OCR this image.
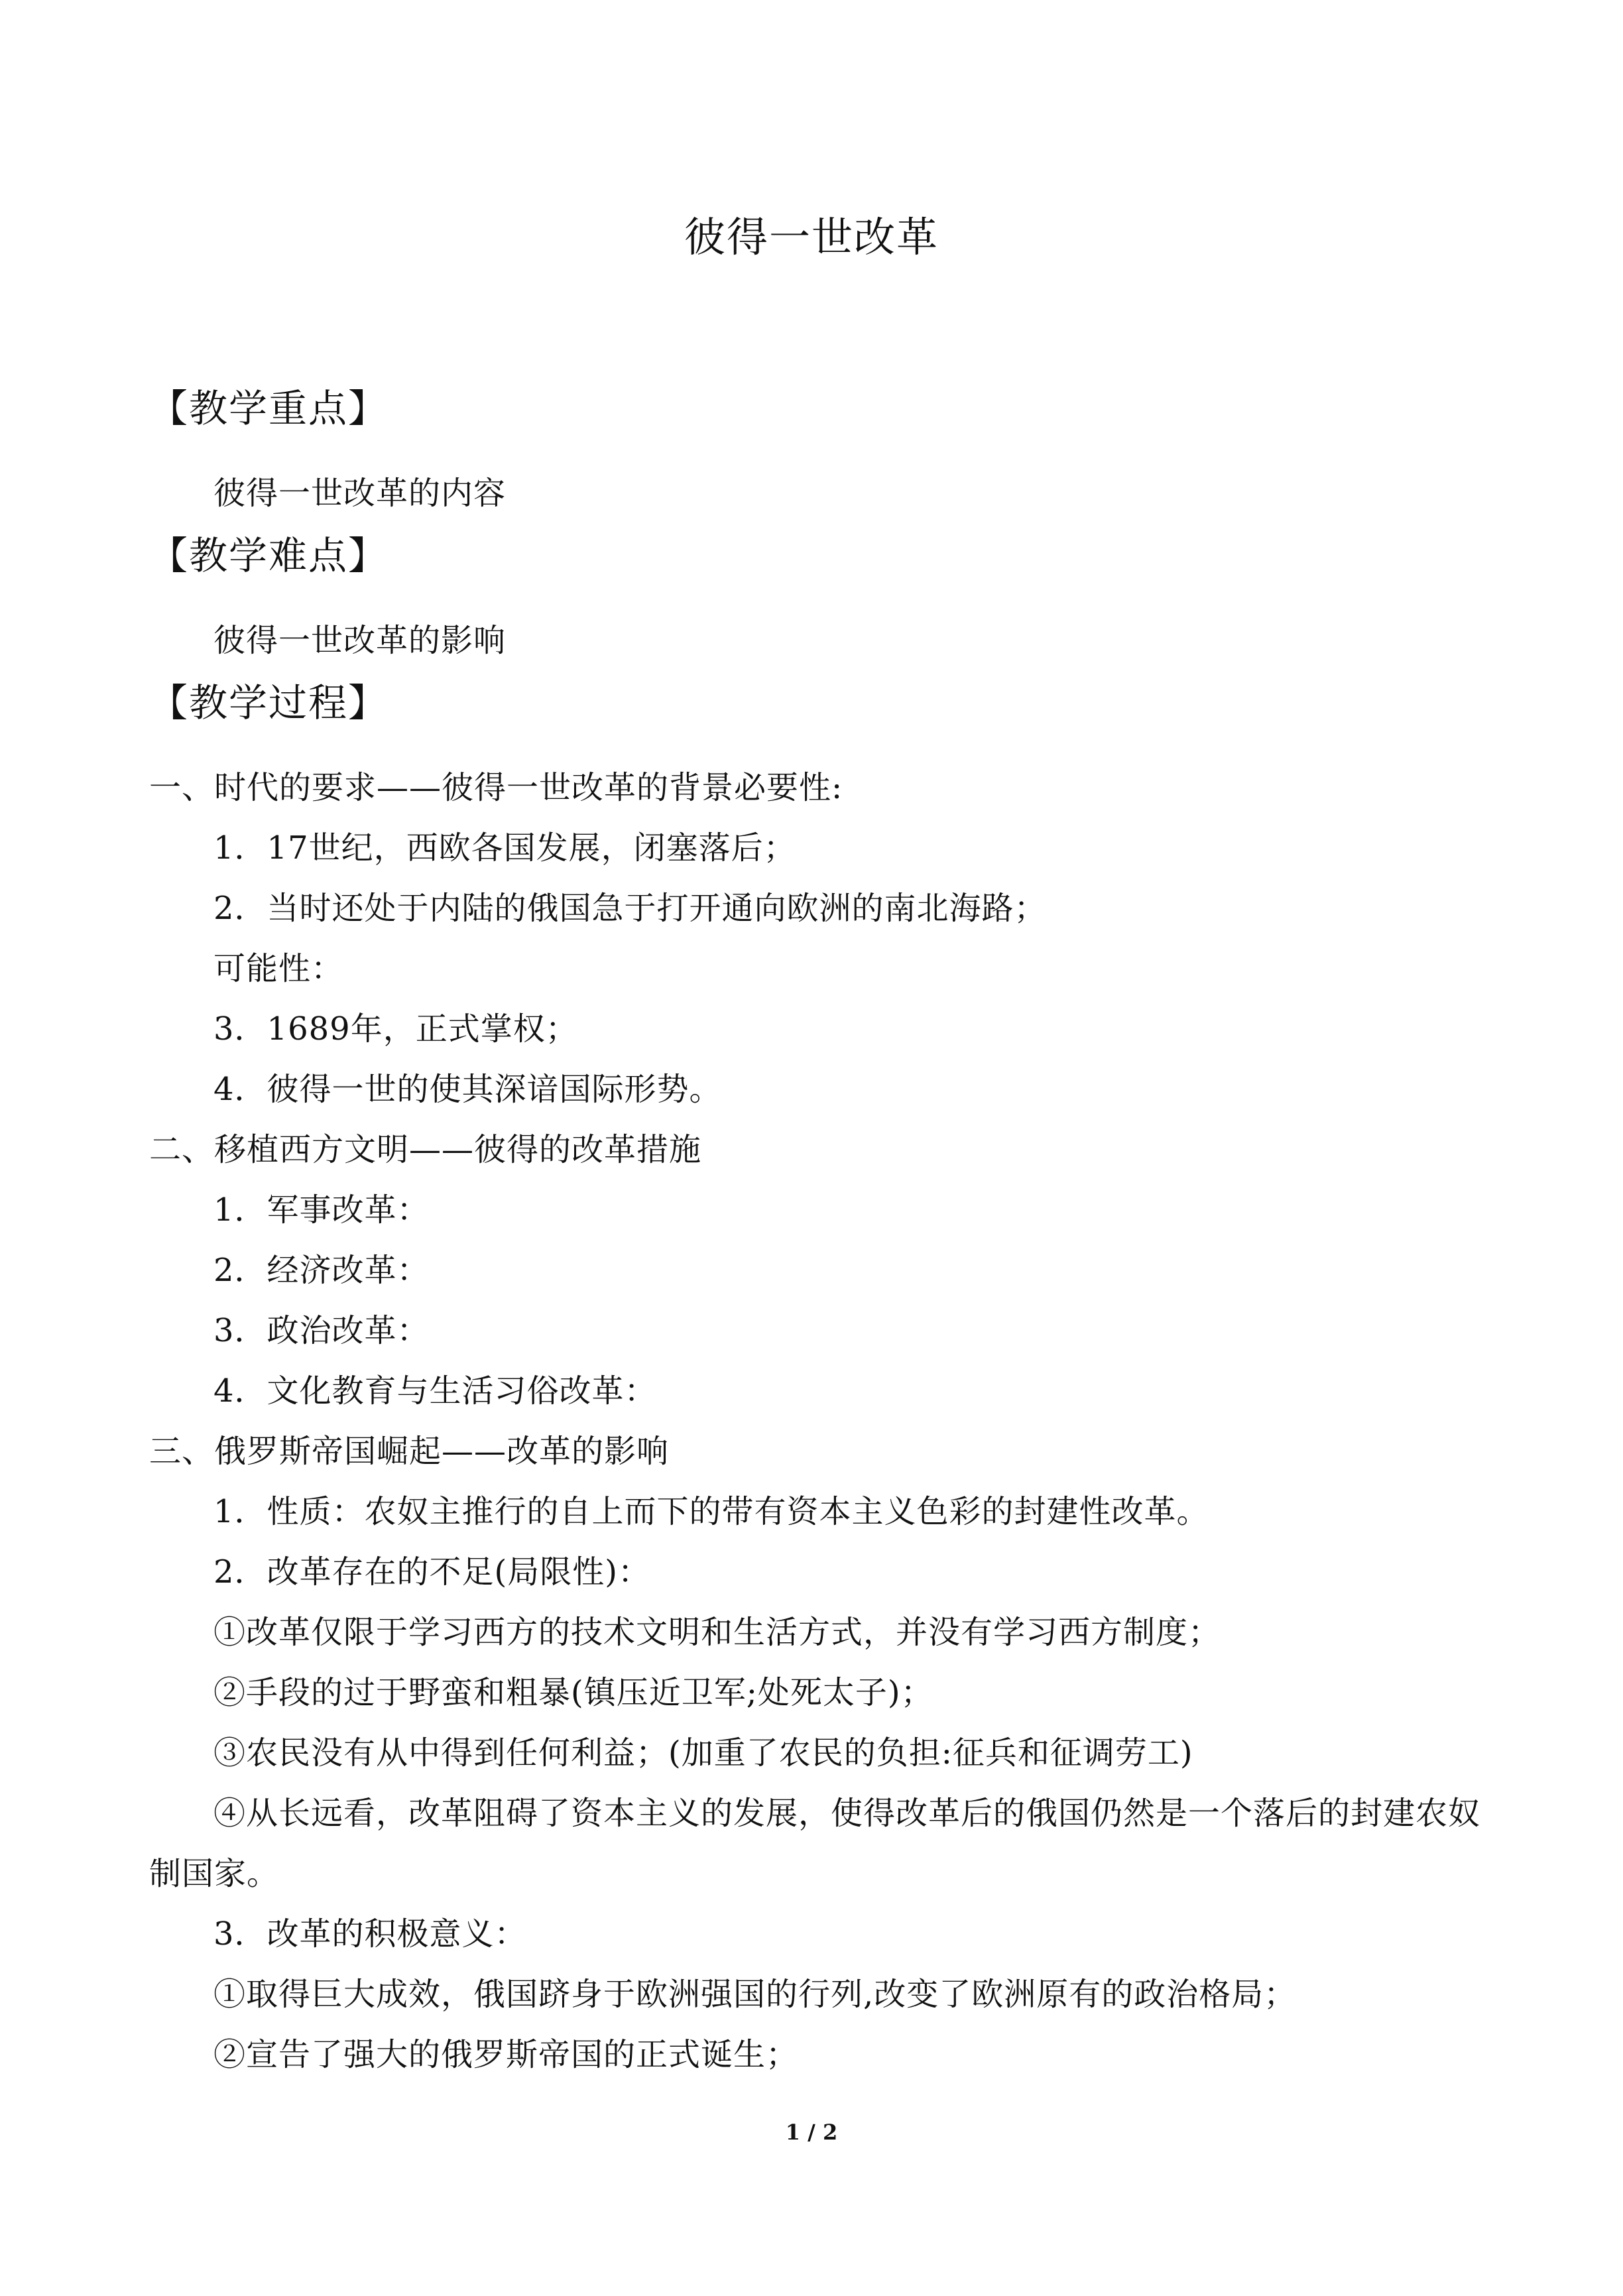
彼得一世改革
【教学重点】
彼得一世改革的内容
【教学难点】
彼得一世改革的影响
【教学过程】
一、时代的要求——彼得一世改革的背景必要性:
1．17世纪，西欧各国发展，闭塞落后；
2．当时还处于内陆的俄国急于打开通向欧洲的南北海路；
可能性：
3．1689年，正式掌权；
4．彼得一世的使其深谙国际形势。
二、移植西方文明——彼得的改革措施
1．军事改革：
2．经济改革：
3．政治改革：
4．文化教育与生活习俗改革：
三、俄罗斯帝国崛起——改革的影响
1．性质：农奴主推行的自上而下的带有资本主义色彩的封建性改革。
2．改革存在的不足(局限性)：
①改革仅限于学习西方的技术文明和生活方式，并没有学习西方制度；
②手段的过于野蛮和粗暴(镇压近卫军;处死太子)；
③农民没有从中得到任何利益；(加重了农民的负担:征兵和征调劳工)
④从长远看，改革阻碍了资本主义的发展，使得改革后的俄国仍然是一个落后的封建农奴
制国家。
3．改革的积极意义：
①取得巨大成效，俄国跻身于欧洲强国的行列,改变了欧洲原有的政治格局；
②宣告了强大的俄罗斯帝国的正式诞生；
1 / 2
